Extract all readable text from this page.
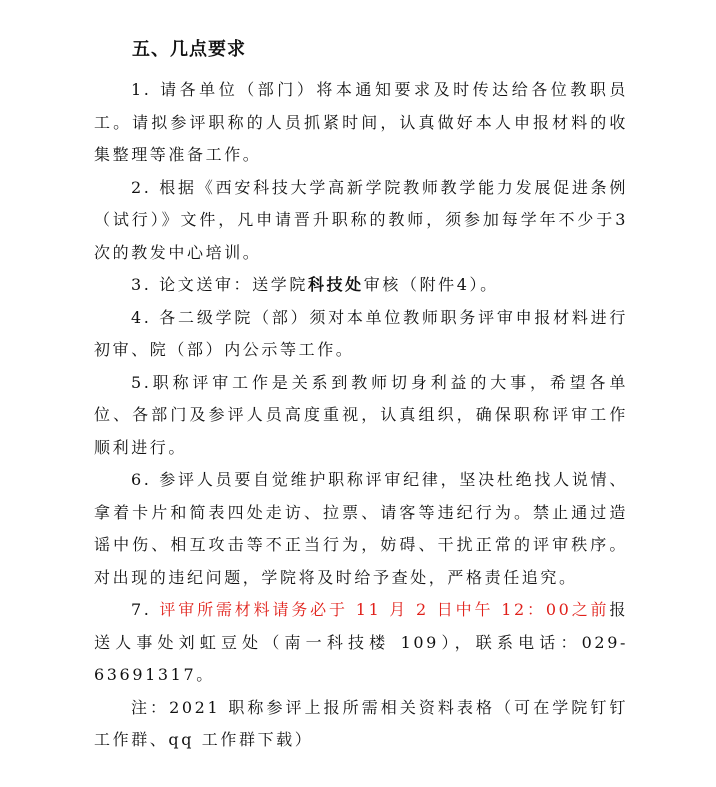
五、几点要求

1. 请各单位（部门）将本通知要求及时传达给各位教职员工。请拟参评职称的人员抓紧时间，认真做好本人申报材料的收集整理等准备工作。

2. 根据《西安科技大学高新学院教师教学能力发展促进条例（试行）》文件，凡申请晋升职称的教师，须参加每学年不少于3次的教发中心培训。

3. 论文送审：送学院科技处审核（附件4）。

4. 各二级学院（部）须对本单位教师职务评审申报材料进行初审、院（部）内公示等工作。

5.职称评审工作是关系到教师切身利益的大事，希望各单位、各部门及参评人员高度重视，认真组织，确保职称评审工作顺利进行。

6. 参评人员要自觉维护职称评审纪律，坚决杜绝找人说情、拿着卡片和简表四处走访、拉票、请客等违纪行为。禁止通过造谣中伤、相互攻击等不正当行为，妨碍、干扰正常的评审秩序。对出现的违纪问题，学院将及时给予查处，严格责任追究。

7. 评审所需材料请务必于 11 月 2 日中午 12：00之前报送人事处刘虹豆处（南一科技楼 109），联系电话：029-63691317。

注：2021 职称参评上报所需相关资料表格（可在学院钉钉工作群、qq 工作群下载）
